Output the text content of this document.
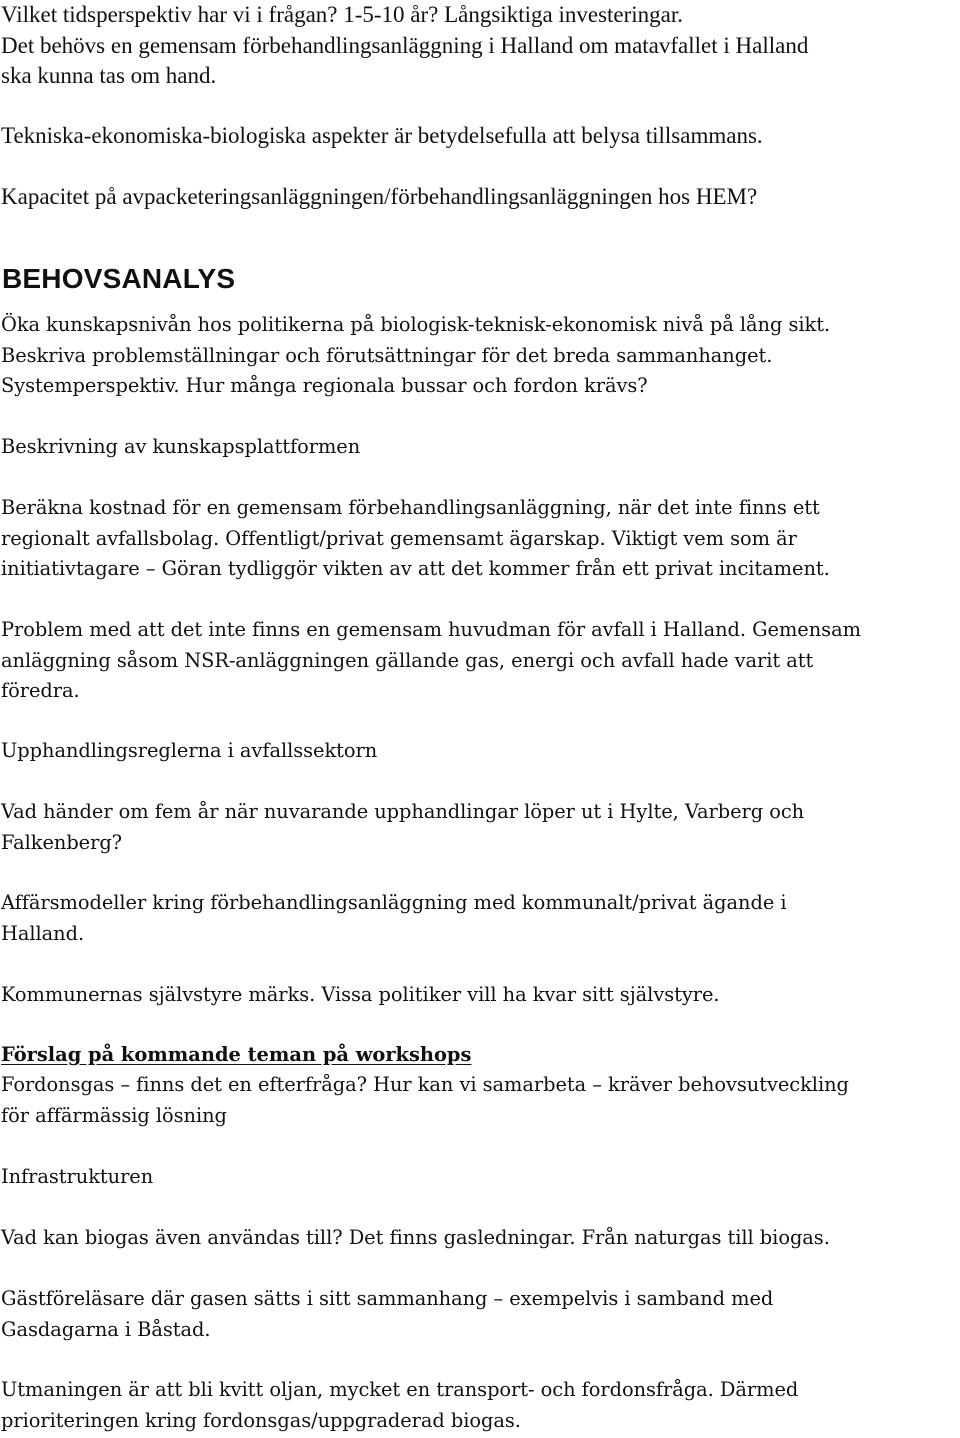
Vilket tidsperspektiv har vi i frågan? 1-5-10 år? Långsiktiga investeringar.
Det behövs en gemensam förbehandlingsanläggning i Halland om matavfallet i Halland
ska kunna tas om hand.
Tekniska-ekonomiska-biologiska aspekter är betydelsefulla att belysa tillsammans.
Kapacitet på avpacketeringsanläggningen/förbehandlingsanläggningen hos HEM?
BEHOVSANALYS
Öka kunskapsnivån hos politikerna på biologisk-teknisk-ekonomisk nivå på lång sikt.
Beskriva problemställningar och förutsättningar för det breda sammanhanget.
Systemperspektiv. Hur många regionala bussar och fordon krävs?
Beskrivning av kunskapsplattformen
Beräkna kostnad för en gemensam förbehandlingsanläggning, när det inte finns ett
regionalt avfallsbolag. Offentligt/privat gemensamt ägarskap. Viktigt vem som är
initiativtagare – Göran tydliggör vikten av att det kommer från ett privat incitament.
Problem med att det inte finns en gemensam huvudman för avfall i Halland. Gemensam
anläggning såsom NSR-anläggningen gällande gas, energi och avfall hade varit att
föredra.
Upphandlingsreglerna i avfallssektorn
Vad händer om fem år när nuvarande upphandlingar löper ut i Hylte, Varberg och
Falkenberg?
Affärsmodeller kring förbehandlingsanläggning med kommunalt/privat ägande i
Halland.
Kommunernas självstyre märks. Vissa politiker vill ha kvar sitt självstyre.
Förslag på kommande teman på workshops
Fordonsgas – finns det en efterfråga? Hur kan vi samarbeta – kräver behovsutveckling
för affärmässig lösning
Infrastrukturen
Vad kan biogas även användas till? Det finns gasledningar. Från naturgas till biogas.
Gästföreläsare där gasen sätts i sitt sammanhang – exempelvis i samband med
Gasdagarna i Båstad.
Utmaningen är att bli kvitt oljan, mycket en transport- och fordonsfråga. Därmed
prioriteringen kring fordonsgas/uppgraderad biogas.
